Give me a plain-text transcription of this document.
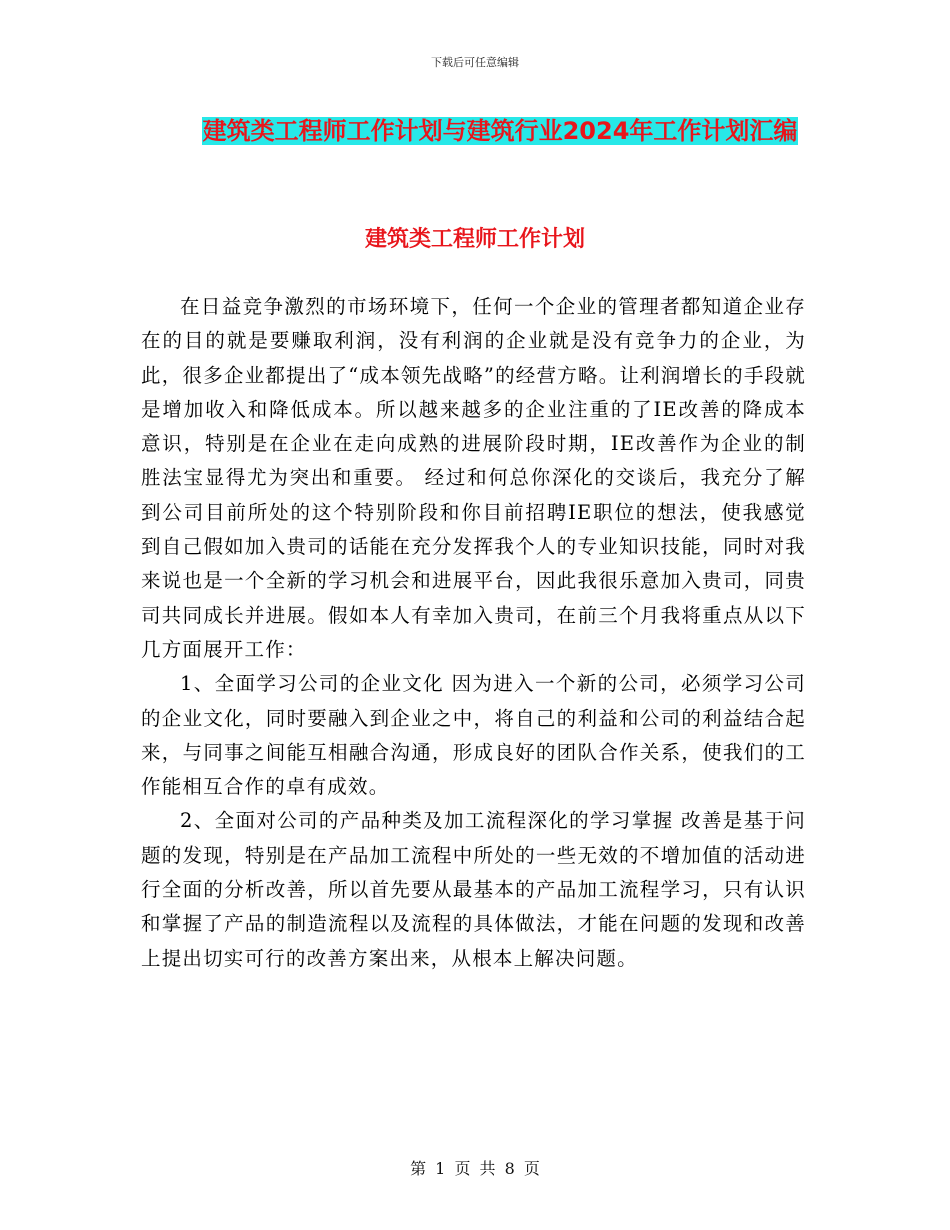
下载后可任意编辑
建筑类工程师工作计划与建筑行业2024年工作计划汇编
建筑类工程师工作计划

在日益竞争激烈的市场环境下，任何一个企业的管理者都知道企业存在的目的就是要赚取利润，没有利润的企业就是没有竞争力的企业，为此，很多企业都提出了“成本领先战略”的经营方略。让利润增长的手段就是增加收入和降低成本。所以越来越多的企业注重的了IE改善的降成本意识，特别是在企业在走向成熟的进展阶段时期，IE改善作为企业的制胜法宝显得尤为突出和重要。 经过和何总你深化的交谈后，我充分了解到公司目前所处的这个特别阶段和你目前招聘IE职位的想法，使我感觉到自己假如加入贵司的话能在充分发挥我个人的专业知识技能，同时对我来说也是一个全新的学习机会和进展平台，因此我很乐意加入贵司，同贵司共同成长并进展。假如本人有幸加入贵司，在前三个月我将重点从以下几方面展开工作：

1、全面学习公司的企业文化 因为进入一个新的公司，必须学习公司的企业文化，同时要融入到企业之中，将自己的利益和公司的利益结合起来，与同事之间能互相融合沟通，形成良好的团队合作关系，使我们的工作能相互合作的卓有成效。

2、全面对公司的产品种类及加工流程深化的学习掌握 改善是基于问题的发现，特别是在产品加工流程中所处的一些无效的不增加值的活动进行全面的分析改善，所以首先要从最基本的产品加工流程学习，只有认识和掌握了产品的制造流程以及流程的具体做法，才能在问题的发现和改善上提出切实可行的改善方案出来，从根本上解决问题。

第 1 页 共 8 页
